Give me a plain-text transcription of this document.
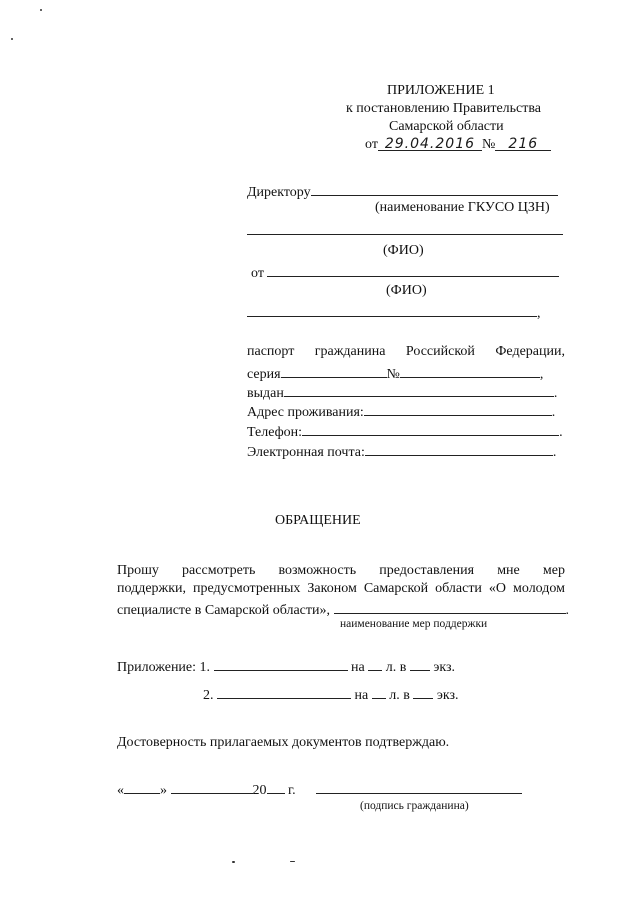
ПРИЛОЖЕНИЕ 1
к постановлению Правительства
Самарской области
от 29.04.2016 № 216
Директору
(наименование ГКУСО ЦЗН)
(ФИО)
от
(ФИО)
,
паспорт гражданина Российской Федерации,
серия	№	,
выдан	.
Адрес проживания:	.
Телефон:	.
Электронная почта:	.
ОБРАЩЕНИЕ
Прошу рассмотреть возможность предоставления мне мер
поддержки, предусмотренных Законом Самарской области «О молодом
специалисте в Самарской области»,	.
наименование мер поддержки
Приложение: 1.	на л. в экз.
2.	на л. в экз.
Достоверность прилагаемых документов подтверждаю.
«	»	20 г.
(подпись гражданина)
